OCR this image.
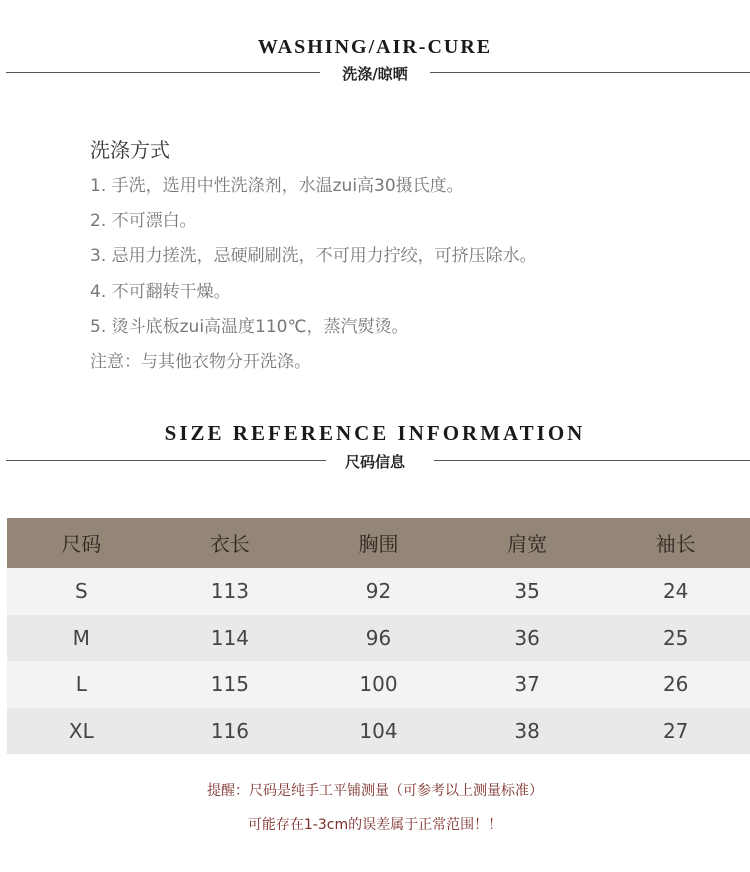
WASHING/AIR-CURE
洗涤/晾晒
洗涤方式
1. 手洗，选用中性洗涤剂，水温zui高30摄氏度。
2. 不可漂白。
3. 忌用力搓洗，忌硬刷刷洗，不可用力拧绞，可挤压除水。
4. 不可翻转干燥。
5. 烫斗底板zui高温度110℃，蒸汽熨烫。
注意：与其他衣物分开洗涤。
SIZE REFERENCE INFORMATION
尺码信息
尺码	衣长	胸围	肩宽	袖长
S	113	92	35	24
M	114	96	36	25
L	115	100	37	26
XL	116	104	38	27
提醒：尺码是纯手工平铺测量（可参考以上测量标准）
可能存在1-3cm的误差属于正常范围！！
